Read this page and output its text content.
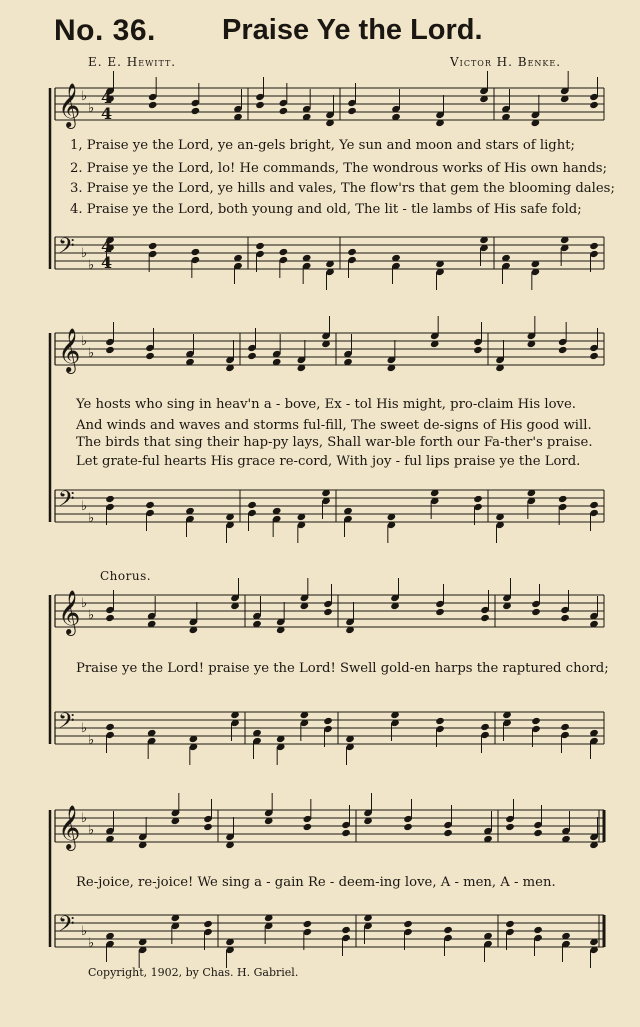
No. 36. Praise Ye the Lord.
E. E. Hewitt.	Victor H. Benke.
𝄞 ♭
♭
𝄢 ♭
♭
𝄞 ♭
♭
𝄢 ♭
♭
𝄞 ♭
♭
𝄢 ♭
♭
𝄞 ♭
♭
𝄢 ♭
♭
4
4
4
4
1, Praise ye the Lord, ye an-gels bright, Ye sun and moon and stars of light;
2. Praise ye the Lord, lo! He commands, The wondrous works of His own hands;
3. Praise ye the Lord, ye hills and vales, The flow'rs that gem the blooming dales;
4. Praise ye the Lord, both young and old, The lit - tle lambs of His safe fold;
Ye hosts who sing in heav'n a - bove, Ex - tol His might, pro-claim His love.
And winds and waves and storms ful-fill, The sweet de-signs of His good will.
The birds that sing their hap-py lays, Shall war-ble forth our Fa-ther's praise.
Let grate-ful hearts His grace re-cord, With joy - ful lips praise ye the Lord.
Chorus.
Praise ye the Lord! praise ye the Lord! Swell gold-en harps the raptured chord;
Re-joice, re-joice! We sing a - gain Re - deem-ing love, A - men, A - men.
Copyright, 1902, by Chas. H. Gabriel.
